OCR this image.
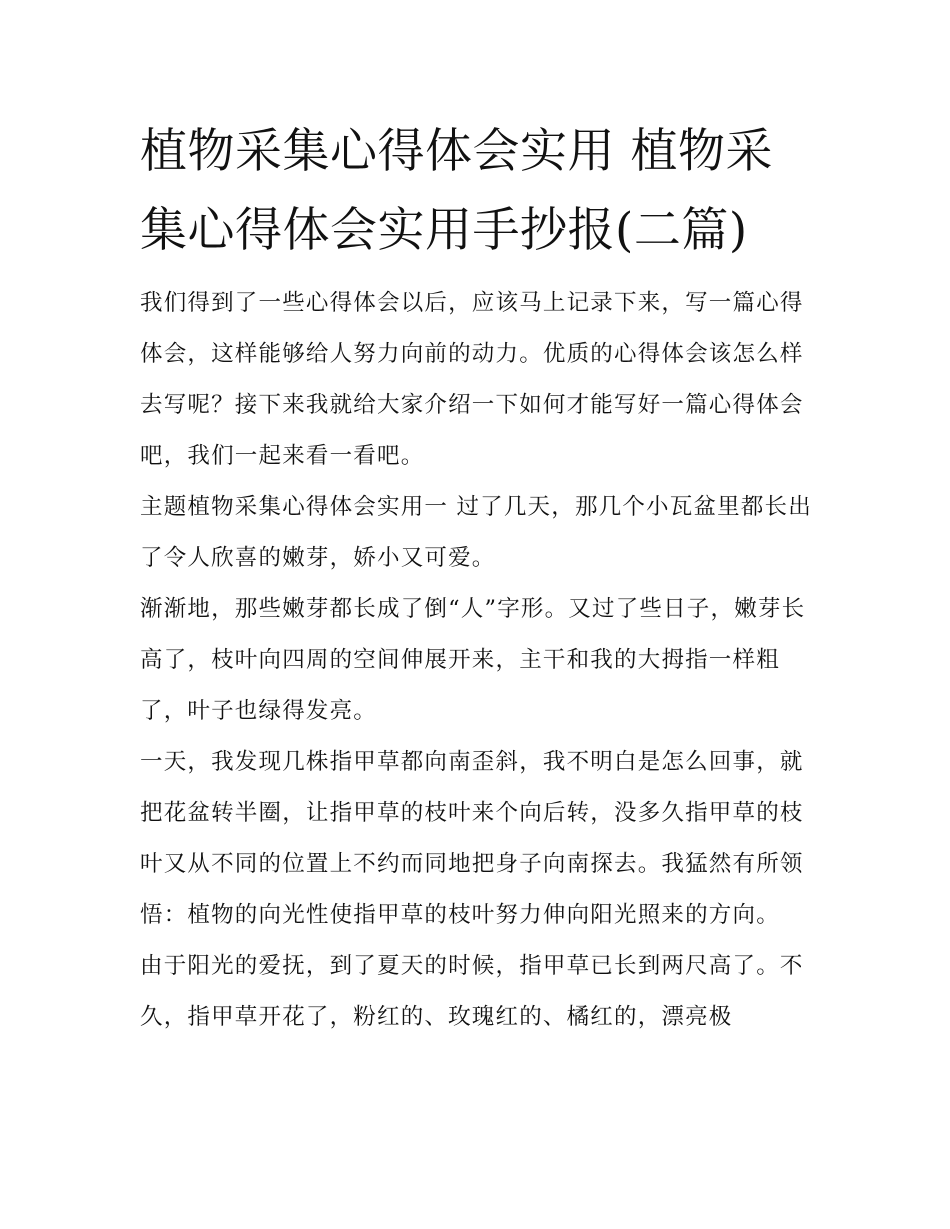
植物采集心得体会实用 植物采集心得体会实用手抄报(二篇)

我们得到了一些心得体会以后，应该马上记录下来，写一篇心得体会，这样能够给人努力向前的动力。优质的心得体会该怎么样去写呢？接下来我就给大家介绍一下如何才能写好一篇心得体会吧，我们一起来看一看吧。

主题植物采集心得体会实用一 过了几天，那几个小瓦盆里都长出了令人欣喜的嫩芽，娇小又可爱。

渐渐地，那些嫩芽都长成了倒“人”字形。又过了些日子，嫩芽长高了，枝叶向四周的空间伸展开来，主干和我的大拇指一样粗了，叶子也绿得发亮。

一天，我发现几株指甲草都向南歪斜，我不明白是怎么回事，就把花盆转半圈，让指甲草的枝叶来个向后转，没多久指甲草的枝叶又从不同的位置上不约而同地把身子向南探去。我猛然有所领悟：植物的向光性使指甲草的枝叶努力伸向阳光照来的方向。

由于阳光的爱抚，到了夏天的时候，指甲草已长到两尺高了。不久，指甲草开花了，粉红的、玫瑰红的、橘红的，漂亮极
